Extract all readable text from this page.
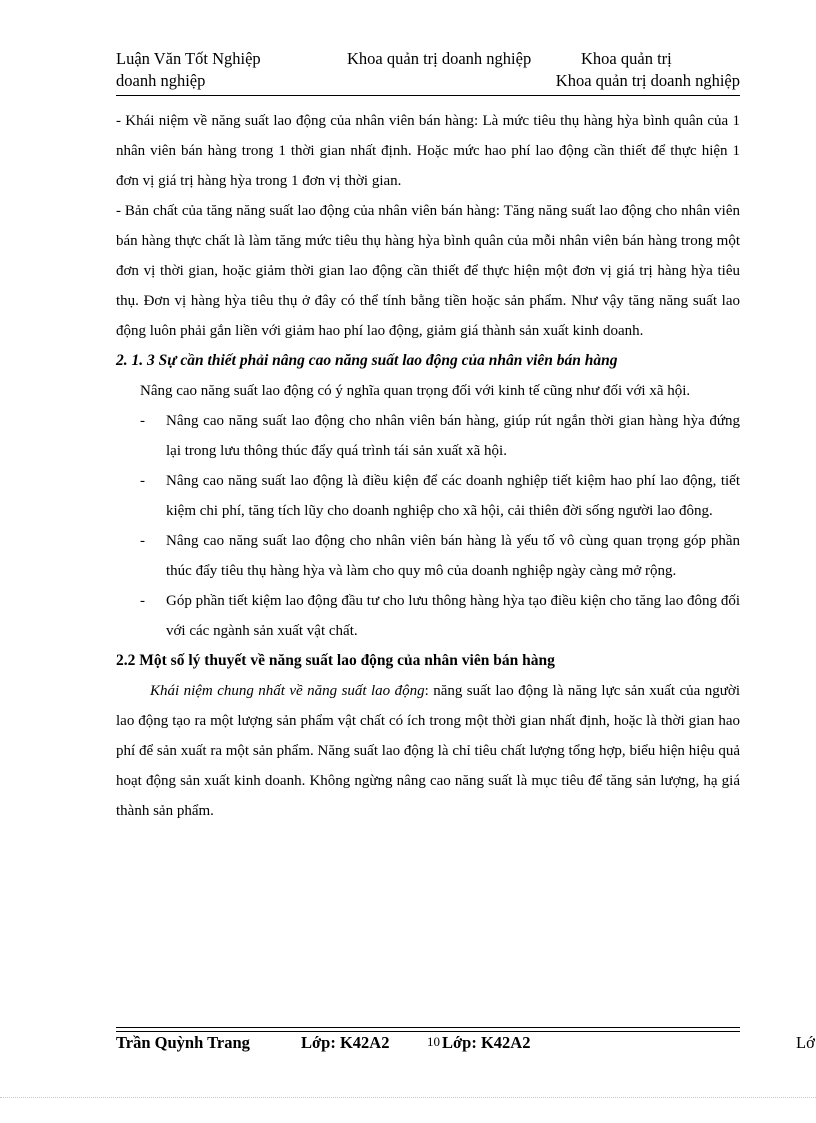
Luận Văn Tốt Nghiệp	Khoa quản trị doanh nghiệp	Khoa quản trị
doanh nghiệp	Khoa quản trị doanh nghiệp

- Khái niệm về năng suất lao động của nhân viên bán hàng: Là mức tiêu thụ hàng hỳa bình quân của 1 nhân viên bán hàng trong 1 thời gian nhất định. Hoặc mức hao phí lao động cần thiết để thực hiện 1 đơn vị giá trị hàng hỳa trong 1 đơn vị thời gian.

- Bản chất của tăng năng suất lao động của nhân viên bán hàng: Tăng năng suất lao động cho nhân viên bán hàng thực chất là làm tăng mức tiêu thụ hàng hỳa bình quân của mỗi nhân viên bán hàng trong một đơn vị thời gian, hoặc giảm thời gian lao động cần thiết để thực hiện một đơn vị giá trị hàng hỳa tiêu thụ. Đơn vị hàng hỳa tiêu thụ ở đây có thể tính bằng tiền hoặc sản phẩm. Như vậy tăng năng suất lao động luôn phải gắn liền với giảm hao phí lao động, giảm giá thành sản xuất kinh doanh.

2. 1. 3 Sự cần thiết phải nâng cao năng suất lao động của nhân viên bán hàng

Nâng cao năng suất lao động có ý nghĩa quan trọng đối với kinh tế cũng như đối với xã hội.

- Nâng cao năng suất lao động cho nhân viên bán hàng, giúp rút ngắn thời gian hàng hỳa đứng lại trong lưu thông thúc đẩy quá trình tái sản xuất xã hội.
- Nâng cao năng suất lao động là điều kiện để các doanh nghiệp tiết kiệm hao phí lao động, tiết kiệm chi phí, tăng tích lũy cho doanh nghiệp cho xã hội, cải thiên đời sống người lao đông.
- Nâng cao năng suất lao động cho nhân viên bán hàng là yếu tố vô cùng quan trọng góp phần thúc đẩy tiêu thụ hàng hỳa và làm cho quy mô của doanh nghiệp ngày càng mở rộng.
- Góp phần tiết kiệm lao động đầu tư cho lưu thông hàng hỳa tạo điều kiện cho tăng lao đông đối với các ngành sản xuất vật chất.

2.2 Một số lý thuyết về năng suất lao động của nhân viên bán hàng

Khái niệm chung nhất về năng suất lao động: năng suất lao động là năng lực sản xuất của người lao động tạo ra một lượng sản phẩm vật chất có ích trong một thời gian nhất định, hoặc là thời gian hao phí để sản xuất ra một sản phẩm. Năng suất lao động là chỉ tiêu chất lượng tổng hợp, biểu hiện hiệu quả hoạt động sản xuất kinh doanh. Không ngừng nâng cao năng suất là mục tiêu để tăng sản lượng, hạ giá thành sản phẩm.

Trần Quỳnh Trang	Lớp: K42A2	10 Lớp: K42A2	Lớ
